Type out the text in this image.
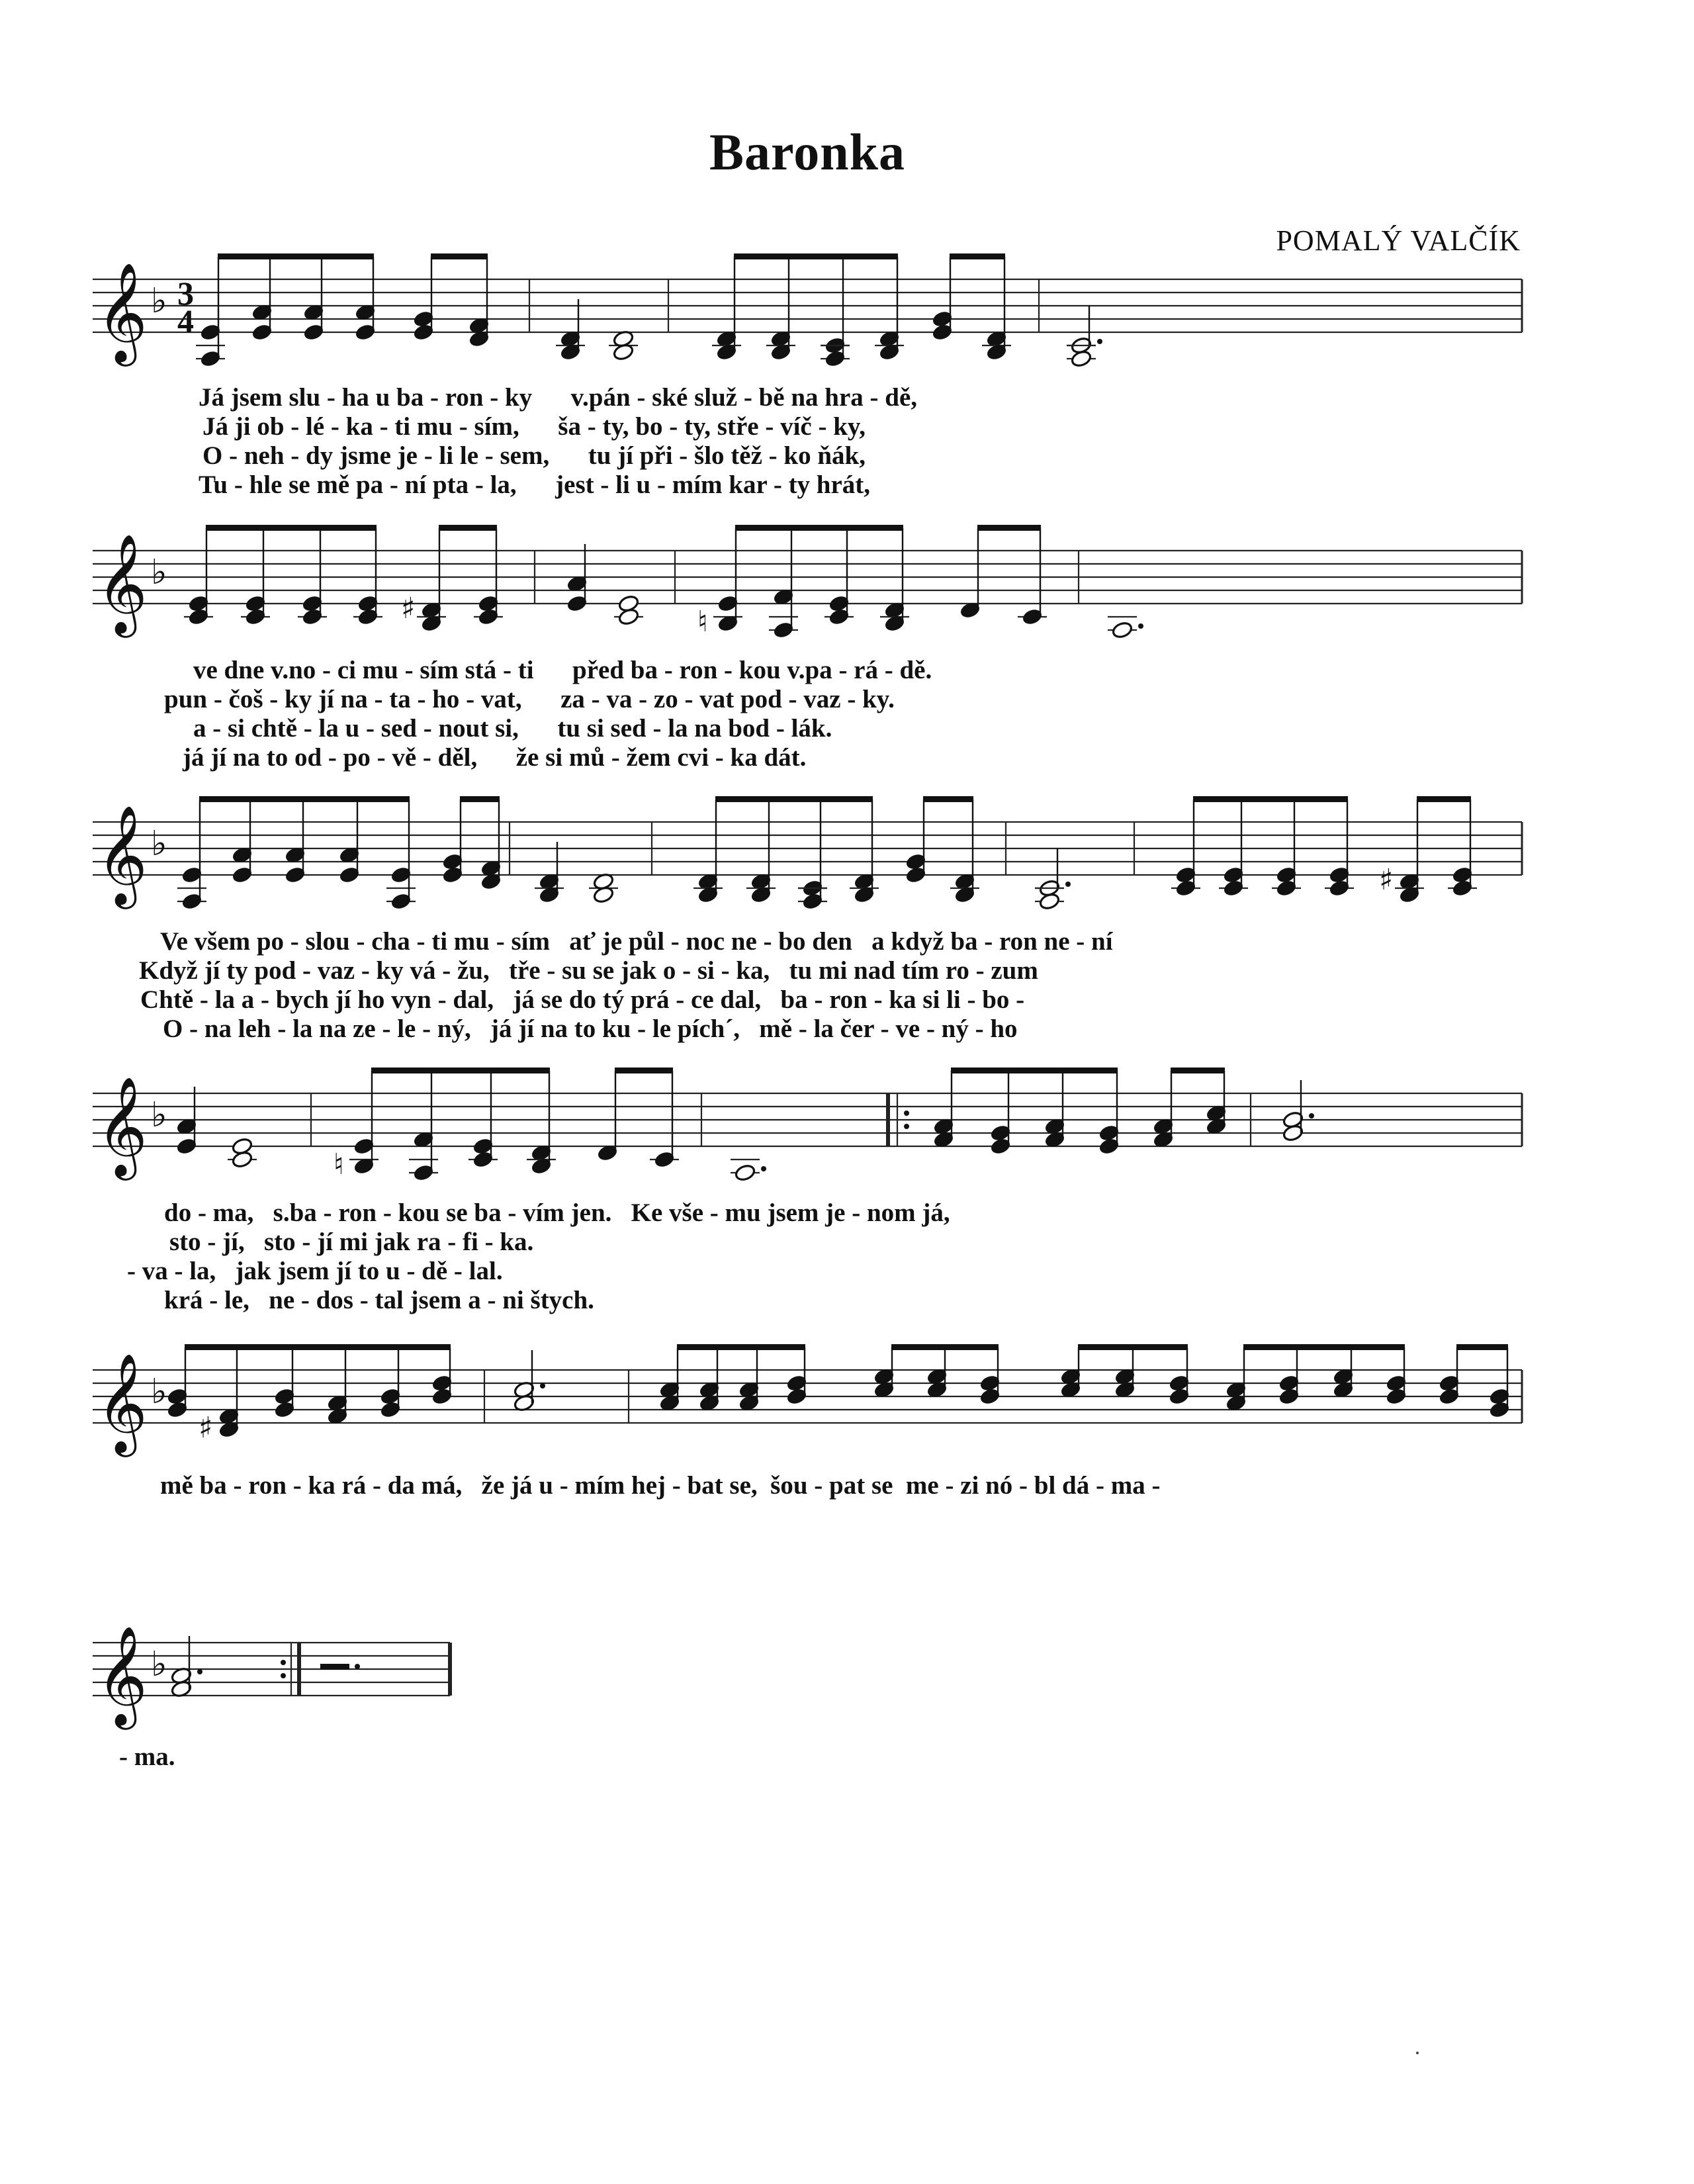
Baronka
POMALÝ VALČÍK
𝄞 ♭ 3
4
𝄞 ♭
♯	♮
𝄞 ♭
♯
𝄞 ♭
♮
𝄞 ♭
♯
𝄞 ♭
Já jsem slu - ha u ba - ron - ky      v.pán - ské služ - bě na hra - dě,
Já ji ob - lé - ka - ti mu - sím,      ša - ty, bo - ty, stře - víč - ky,
O - neh - dy jsme je - li le - sem,      tu jí při - šlo těž - ko ňák,
Tu - hle se mě pa - ní pta - la,      jest - li u - mím kar - ty hrát,
ve dne v.no - ci mu - sím stá - ti      před ba - ron - kou v.pa - rá - dě.
pun - čoš - ky jí na - ta - ho - vat,      za - va - zo - vat pod - vaz - ky.
a - si chtě - la u - sed - nout si,      tu si sed - la na bod - lák.
já jí na to od - po - vě - děl,      že si mů - žem cvi - ka dát.
Ve všem po - slou - cha - ti mu - sím   ať je půl - noc ne - bo den   a když ba - ron ne - ní
Když jí ty pod - vaz - ky vá - žu,   tře - su se jak o - si - ka,   tu mi nad tím ro - zum
Chtě - la a - bych jí ho vyn - dal,   já se do tý prá - ce dal,   ba - ron - ka si li - bo -
O - na leh - la na ze - le - ný,   já jí na to ku - le pích´,   mě - la čer - ve - ný - ho
do - ma,   s.ba - ron - kou se ba - vím jen.   Ke vše - mu jsem je - nom já,
sto - jí,   sto - jí mi jak ra - fi - ka.
- va - la,   jak jsem jí to u - dě - lal.
krá - le,   ne - dos - tal jsem a - ni štych.
mě ba - ron - ka rá - da má,   že já u - mím hej - bat se,  šou - pat se  me - zi nó - bl dá - ma -
- ma.
